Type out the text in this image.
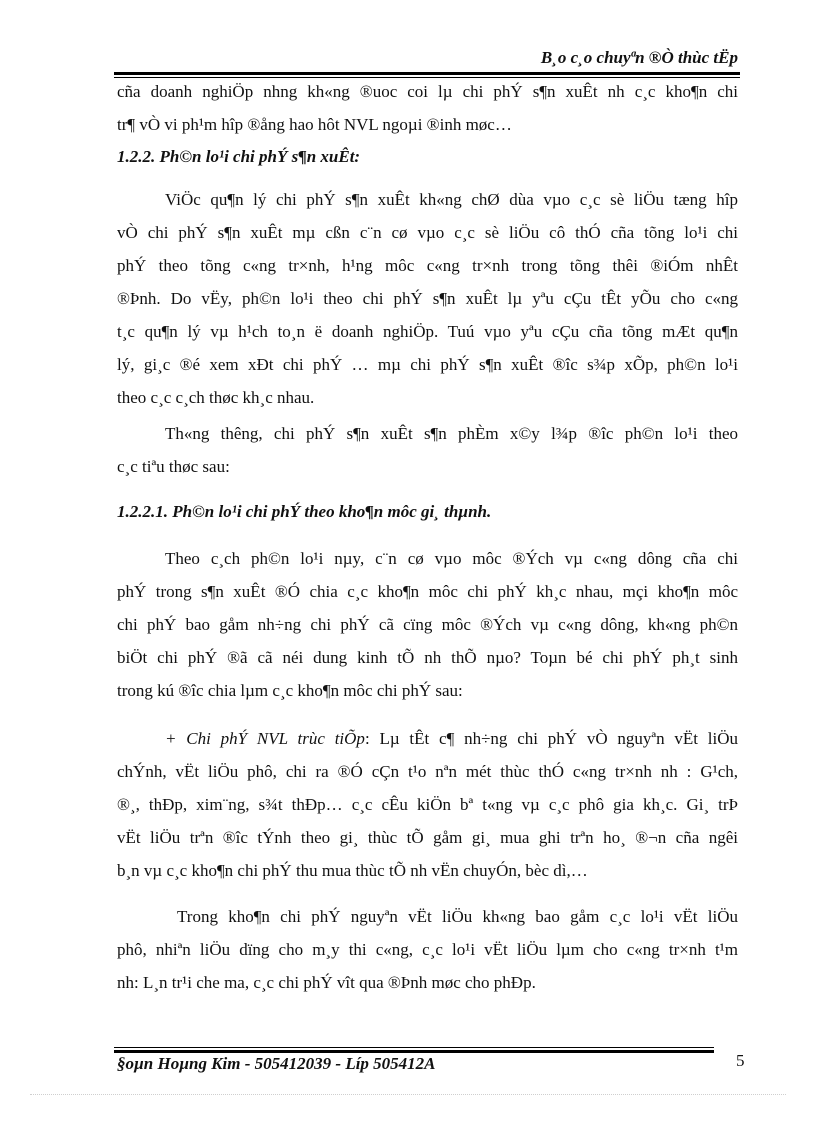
B¸o c¸o chuyªn ®Ò thùc tËp
cña doanh nghiÖp nhng kh«ng ®uoc coi lµ chi phÝ s¶n xuÊt nh c¸c kho¶n chi
tr¶ vÒ vi ph¹m hîp ®ång hao hôt NVL ngoµi ®inh møc…
1.2.2. Ph©n lo¹i chi phÝ s¶n xuÊt:
ViÖc qu¶n lý chi phÝ s¶n xuÊt kh«ng chØ dùa vµo c¸c sè liÖu tæng hîp
vÒ chi phÝ s¶n xuÊt mµ cßn c¨n cø vµo c¸c sè liÖu cô thÓ cña tõng lo¹i chi
phÝ theo tõng c«ng tr×nh, h¹ng môc c«ng tr×nh trong tõng thêi ®iÓm nhÊt
®Þnh. Do vËy, ph©n lo¹i theo chi phÝ s¶n xuÊt lµ yªu cÇu tÊt yÕu cho c«ng
t¸c qu¶n lý vµ h¹ch to¸n ë doanh nghiÖp. Tuú vµo yªu cÇu cña tõng mÆt qu¶n
lý, gi¸c ®é xem xÐt chi phÝ … mµ chi phÝ s¶n xuÊt ®îc s¾p xÕp, ph©n lo¹i
theo c¸c c¸ch thøc kh¸c nhau.
Th«ng thêng, chi phÝ s¶n xuÊt s¶n phÈm x©y l¾p ®îc ph©n lo¹i theo
c¸c tiªu thøc sau:
1.2.2.1. Ph©n lo¹i chi phÝ theo kho¶n môc gi¸ thµnh.
Theo c¸ch ph©n lo¹i nµy, c¨n cø vµo môc ®Ých vµ c«ng dông cña chi
phÝ trong s¶n xuÊt ®Ó chia c¸c kho¶n môc chi phÝ kh¸c nhau, mçi kho¶n môc
chi phÝ bao gåm nh÷ng chi phÝ cã cïng môc ®Ých vµ c«ng dông, kh«ng ph©n
biÖt chi phÝ ®ã cã néi dung kinh tÕ nh thÕ nµo? Toµn bé chi phÝ ph¸t sinh
trong kú ®îc chia lµm c¸c kho¶n môc chi phÝ sau:
+ Chi phÝ NVL trùc tiÕp: Lµ tÊt c¶ nh÷ng chi phÝ vÒ nguyªn vËt liÖu
chÝnh, vËt liÖu phô, chi ra ®Ó cÇn t¹o nªn mét thùc thÓ c«ng tr×nh nh : G¹ch,
®¸, thÐp, xim¨ng, s¾t thÐp… c¸c cÊu kiÖn bª t«ng vµ c¸c phô gia kh¸c. Gi¸ trÞ
vËt liÖu trªn ®îc tÝnh theo gi¸ thùc tÕ gåm gi¸ mua ghi trªn ho¸ ®¬n cña ngêi
b¸n vµ c¸c kho¶n chi phÝ thu mua thùc tÕ nh vËn chuyÓn, bèc dì,…
Trong kho¶n chi phÝ nguyªn vËt liÖu kh«ng bao gåm c¸c lo¹i vËt liÖu
phô, nhiªn liÖu dïng cho m¸y thi c«ng, c¸c lo¹i vËt liÖu lµm cho c«ng tr×nh t¹m
nh: L¸n tr¹i che ma, c¸c chi phÝ vît qua ®Þnh møc cho phÐp.
§oµn Hoµng Kim - 505412039 - Líp 505412A	5
